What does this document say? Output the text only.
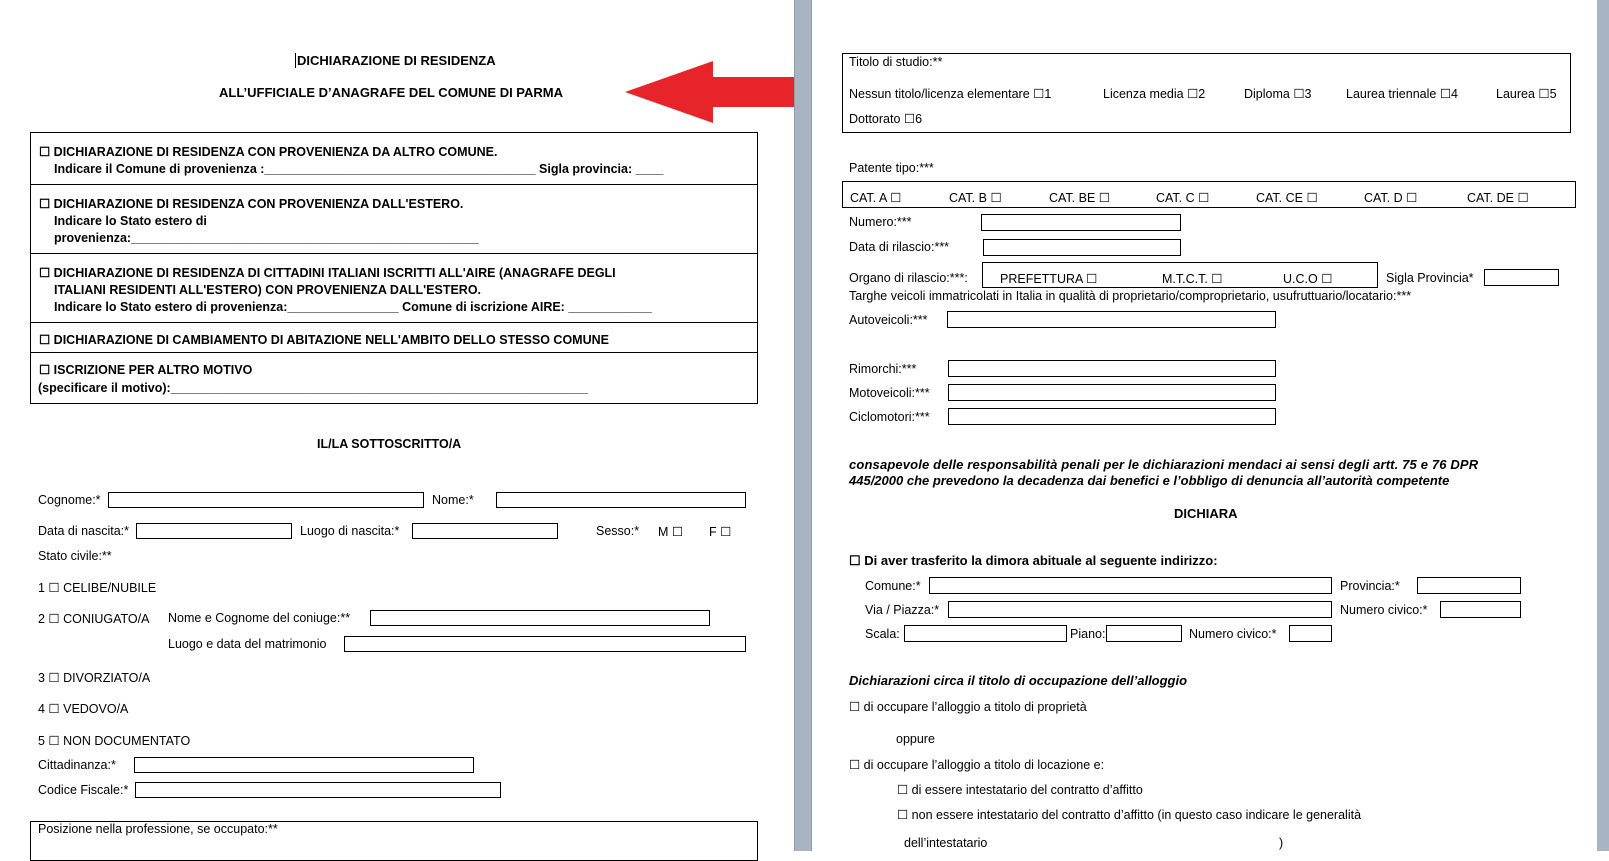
DICHIARAZIONE DI RESIDENZA
ALL’UFFICIALE D’ANAGRAFE DEL COMUNE DI PARMA
☐ DICHIARAZIONE DI RESIDENZA CON PROVENIENZA DA ALTRO COMUNE.
Indicare il Comune di provenienza :_______________________________________ Sigla provincia: ____
☐ DICHIARAZIONE DI RESIDENZA CON PROVENIENZA DALL'ESTERO.
Indicare lo Stato estero di
provenienza:__________________________________________________
☐ DICHIARAZIONE DI RESIDENZA DI CITTADINI ITALIANI ISCRITTI ALL'AIRE (ANAGRAFE DEGLI
ITALIANI RESIDENTI ALL'ESTERO) CON PROVENIENZA DALL'ESTERO.
Indicare lo Stato estero di provenienza:________________ Comune di iscrizione AIRE: ____________
☐ DICHIARAZIONE DI CAMBIAMENTO DI ABITAZIONE NELL'AMBITO DELLO STESSO COMUNE
☐ ISCRIZIONE PER ALTRO MOTIVO
(specificare il motivo):____________________________________________________________
IL/LA SOTTOSCRITTO/A
Cognome:*	Nome:*
Data di nascita:*	Luogo di nascita:*	Sesso:* M ☐ F ☐
Stato civile:**
1 ☐ CELIBE/NUBILE
2 ☐ CONIUGATO/A Nome e Cognome del coniuge:**
Luogo e data del matrimonio
3 ☐ DIVORZIATO/A
4 ☐ VEDOVO/A
5 ☐ NON DOCUMENTATO
Cittadinanza:*
Codice Fiscale:*
Posizione nella professione, se occupato:**
Titolo di studio:**
Nessun titolo/licenza elementare ☐1	Licenza media ☐2	Diploma ☐3	Laurea triennale ☐4	Laurea ☐5
Dottorato ☐6
Patente tipo:***
CAT. A ☐	CAT. B ☐	CAT. BE ☐	CAT. C ☐	CAT. CE ☐	CAT. D ☐	CAT. DE ☐
Numero:***
Data di rilascio:***
Organo di rilascio:***:	PREFETTURA ☐	M.T.C.T. ☐	U.C.O ☐	Sigla Provincia*
Targhe veicoli immatricolati in Italia in qualità di proprietario/comproprietario, usufruttuario/locatario:***
Autoveicoli:***
Rimorchi:***
Motoveicoli:***
Ciclomotori:***
consapevole delle responsabilità penali per le dichiarazioni mendaci ai sensi degli artt. 75 e 76 DPR
445/2000 che prevedono la decadenza dai benefici e l’obbligo di denuncia all’autorità competente
DICHIARA
☐ Di aver trasferito la dimora abituale al seguente indirizzo:
Comune:*	Provincia:*
Via / Piazza:*	Numero civico:*
Scala:	Piano:	Numero civico:*
Dichiarazioni circa il titolo di occupazione dell’alloggio
☐ di occupare l’alloggio a titolo di proprietà
oppure
☐ di occupare l’alloggio a titolo di locazione e:
☐ di essere intestatario del contratto d’affitto
☐ non essere intestatario del contratto d’affitto (in questo caso indicare le generalità
dell’intestatario	)
